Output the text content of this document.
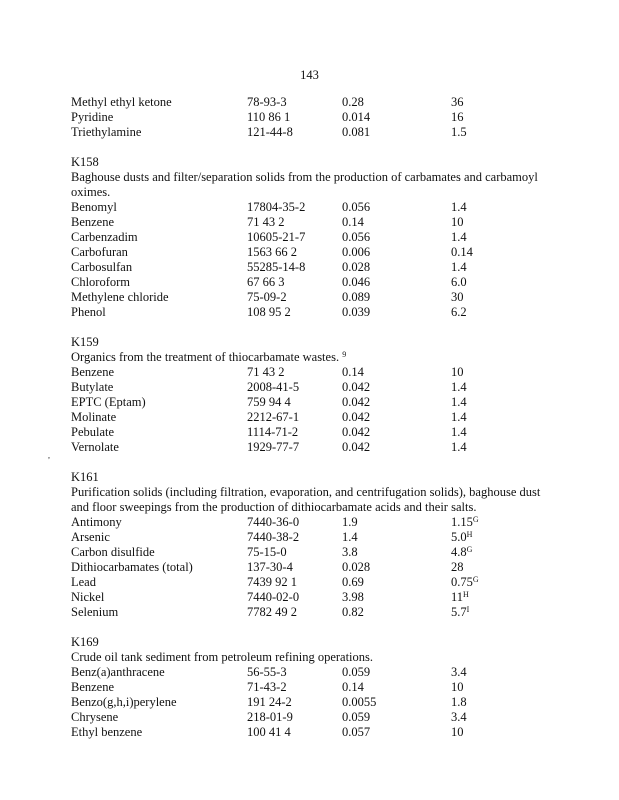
143
,
Methyl ethyl ketone	78-93-3	0.28	36
Pyridine	110 86 1	0.014	16
Triethylamine	121-44-8	0.081	1.5
K158
Baghouse dusts and filter/separation solids from the production of carbamates and carbamoyl oximes.
Benomyl	17804-35-2	0.056	1.4
Benzene	71 43 2	0.14	10
Carbenzadim	10605-21-7	0.056	1.4
Carbofuran	1563 66 2	0.006	0.14
Carbosulfan	55285-14-8	0.028	1.4
Chloroform	67 66 3	0.046	6.0
Methylene chloride	75-09-2	0.089	30
Phenol	108 95 2	0.039	6.2
K159
Organics from the treatment of thiocarbamate wastes. $^9$
Benzene	71 43 2	0.14	10
Butylate	2008-41-5	0.042	1.4
EPTC (Eptam)	759 94 4	0.042	1.4
Molinate	2212-67-1	0.042	1.4
Pebulate	1114-71-2	0.042	1.4
Vernolate	1929-77-7	0.042	1.4
K161
Purification solids (including filtration, evaporation, and centrifugation solids), baghouse dust and floor sweepings from the production of dithiocarbamate acids and their salts.
Antimony	7440-36-0	1.9	$1.15^G$
Arsenic	7440-38-2	1.4	$5.0^H$
Carbon disulfide	75-15-0	3.8	$4.8^G$
Dithiocarbamates (total)	137-30-4	0.028	28
Lead	7439 92 1	0.69	$0.75^G$
Nickel	7440-02-0	3.98	$11^H$
Selenium	7782 49 2	0.82	$5.7^I$
K169
Crude oil tank sediment from petroleum refining operations.
Benz(a)anthracene	56-55-3	0.059	3.4
Benzene	71-43-2	0.14	10
Benzo(g,h,i)perylene	191 24-2	0.0055	1.8
Chrysene	218-01-9	0.059	3.4
Ethyl benzene	100 41 4	0.057	10
